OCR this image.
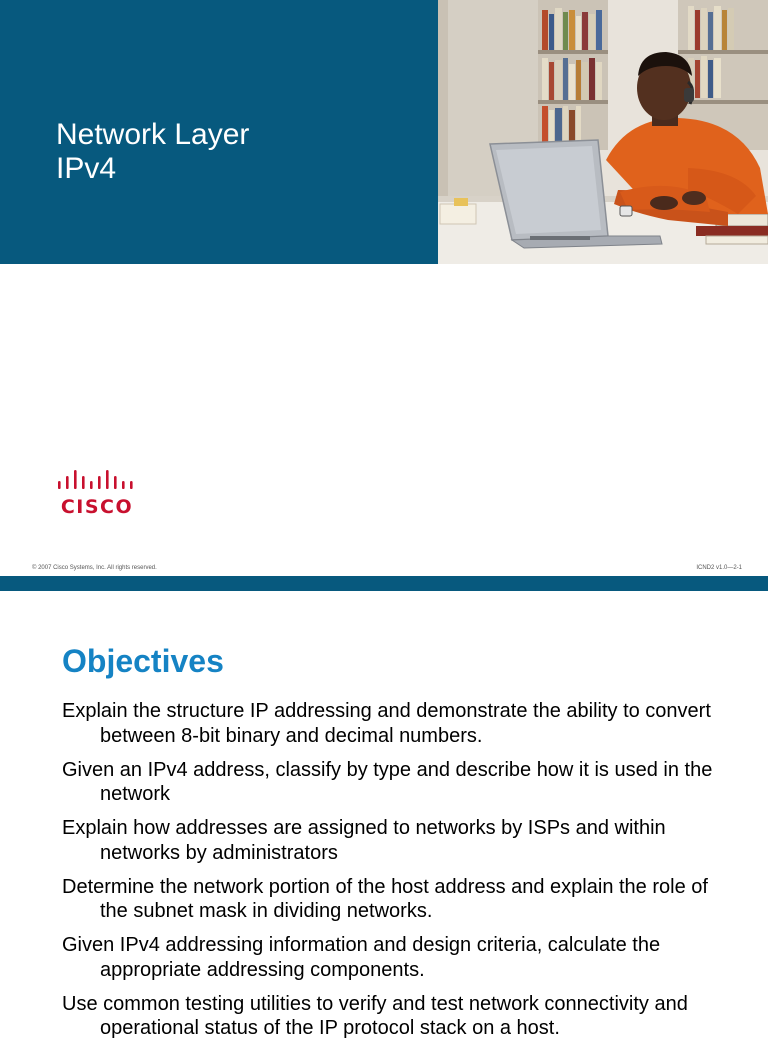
Network Layer
IPv4
CISCO
© 2007 Cisco Systems, Inc. All rights reserved.	ICND2 v1.0—2-1
Objectives
Explain the structure IP addressing and demonstrate the ability to convert between 8-bit binary and decimal numbers.
Given an IPv4 address, classify by type and describe how it is used in the network
Explain how addresses are assigned to networks by ISPs and within networks by administrators
Determine the network portion of the host address and explain the role of the subnet mask in dividing networks.
Given IPv4 addressing information and design criteria, calculate the appropriate addressing components.
Use common testing utilities to verify and test network connectivity and operational status of the IP protocol stack on a host.
